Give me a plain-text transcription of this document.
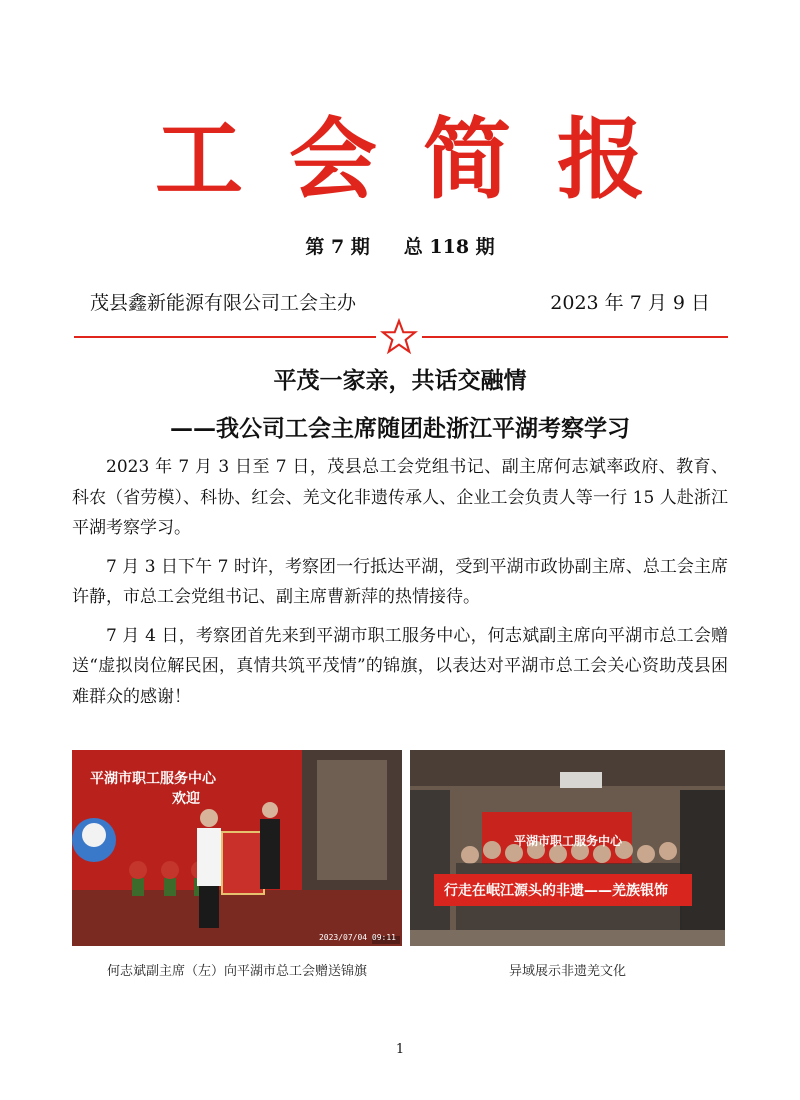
工 会 简 报
第 7 期 总 118 期
茂县鑫新能源有限公司工会主办	2023 年 7 月 9 日
平茂一家亲，共话交融情
——我公司工会主席随团赴浙江平湖考察学习

2023 年 7 月 3 日至 7 日，茂县总工会党组书记、副主席何志斌率政府、教育、科农（省劳模）、科协、红会、羌文化非遗传承人、企业工会负责人等一行 15 人赴浙江平湖考察学习。

7 月 3 日下午 7 时许，考察团一行抵达平湖，受到平湖市政协副主席、总工会主席许静，市总工会党组书记、副主席曹新萍的热情接待。

7 月 4 日，考察团首先来到平湖市职工服务中心，何志斌副主席向平湖市总工会赠送“虚拟岗位解民困，真情共筑平茂情”的锦旗，以表达对平湖市总工会关心资助茂县困难群众的感谢！

平湖市职工服务中心
欢迎
2023/07/04 09:11
平湖市职工服务中心
行走在岷江源头的非遗——羌族银饰
何志斌副主席（左）向平湖市总工会赠送锦旗	异域展示非遗羌文化
1
